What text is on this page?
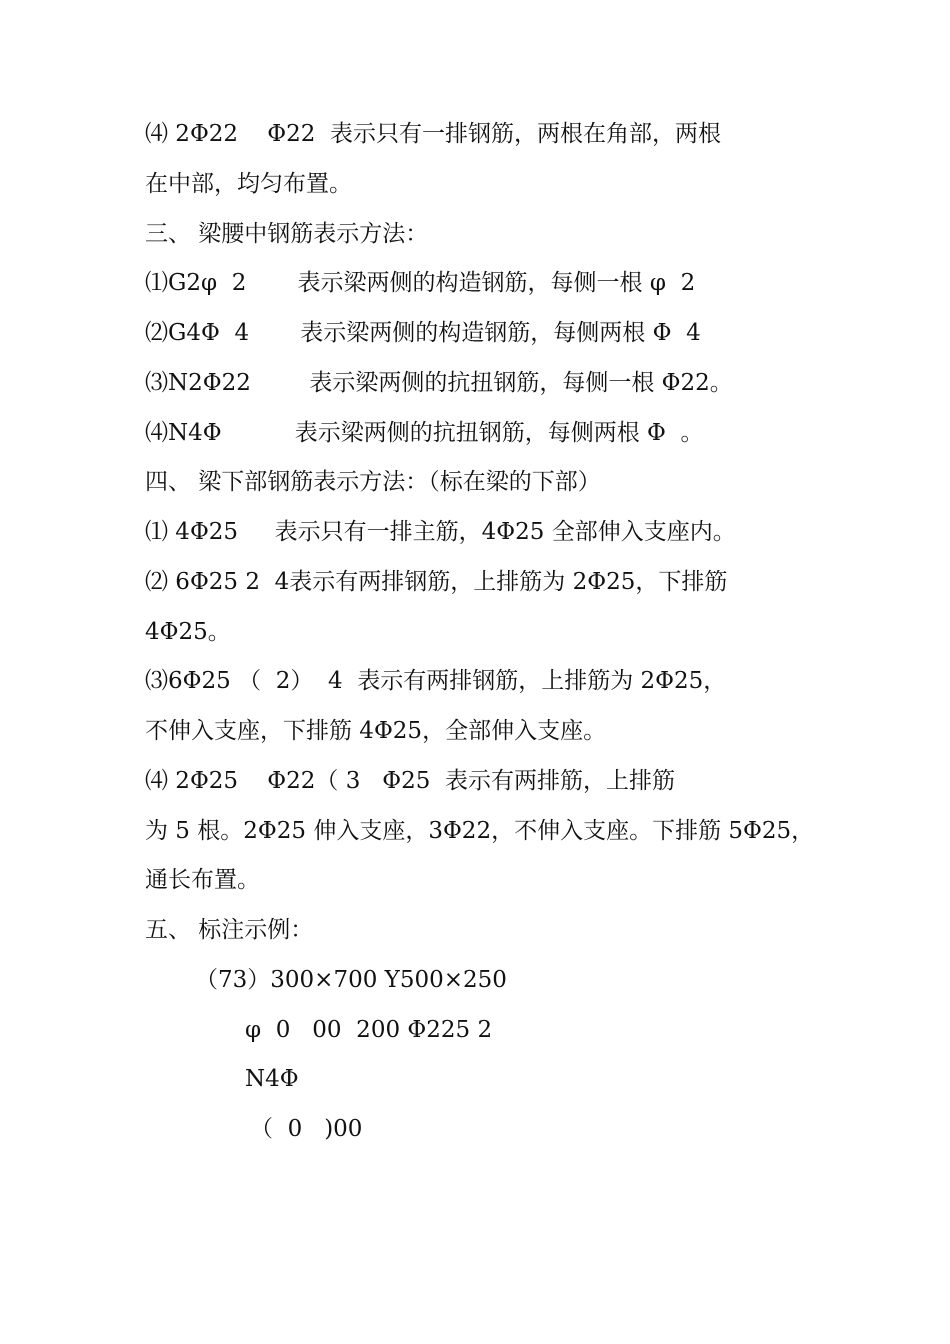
⑷ 2Φ22    Φ22  表示只有一排钢筋，两根在角部，两根
在中部，均匀布置。
三、 梁腰中钢筋表示方法：
⑴G2φ  2       表示梁两侧的构造钢筋，每侧一根 φ  2
⑵G4Φ  4       表示梁两侧的构造钢筋，每侧两根 Φ  4
⑶N2Φ22        表示梁两侧的抗扭钢筋，每侧一根 Φ22。
⑷N4Φ          表示梁两侧的抗扭钢筋，每侧两根 Φ  。
四、 梁下部钢筋表示方法：（标在梁的下部）
⑴ 4Φ25     表示只有一排主筋，4Φ25 全部伸入支座内。
⑵ 6Φ25 2  4表示有两排钢筋，上排筋为 2Φ25，下排筋
4Φ25。
⑶6Φ25 （  2）  4  表示有两排钢筋，上排筋为 2Φ25，
不伸入支座，下排筋 4Φ25，全部伸入支座。
⑷ 2Φ25    Φ22（ 3   Φ25  表示有两排筋，上排筋
为 5 根。2Φ25 伸入支座，3Φ22，不伸入支座。下排筋 5Φ25，
通长布置。
五、 标注示例：
（73）300×700 Y500×250
φ  0   00  200 Φ225 2
N4Φ
（  0   )00
